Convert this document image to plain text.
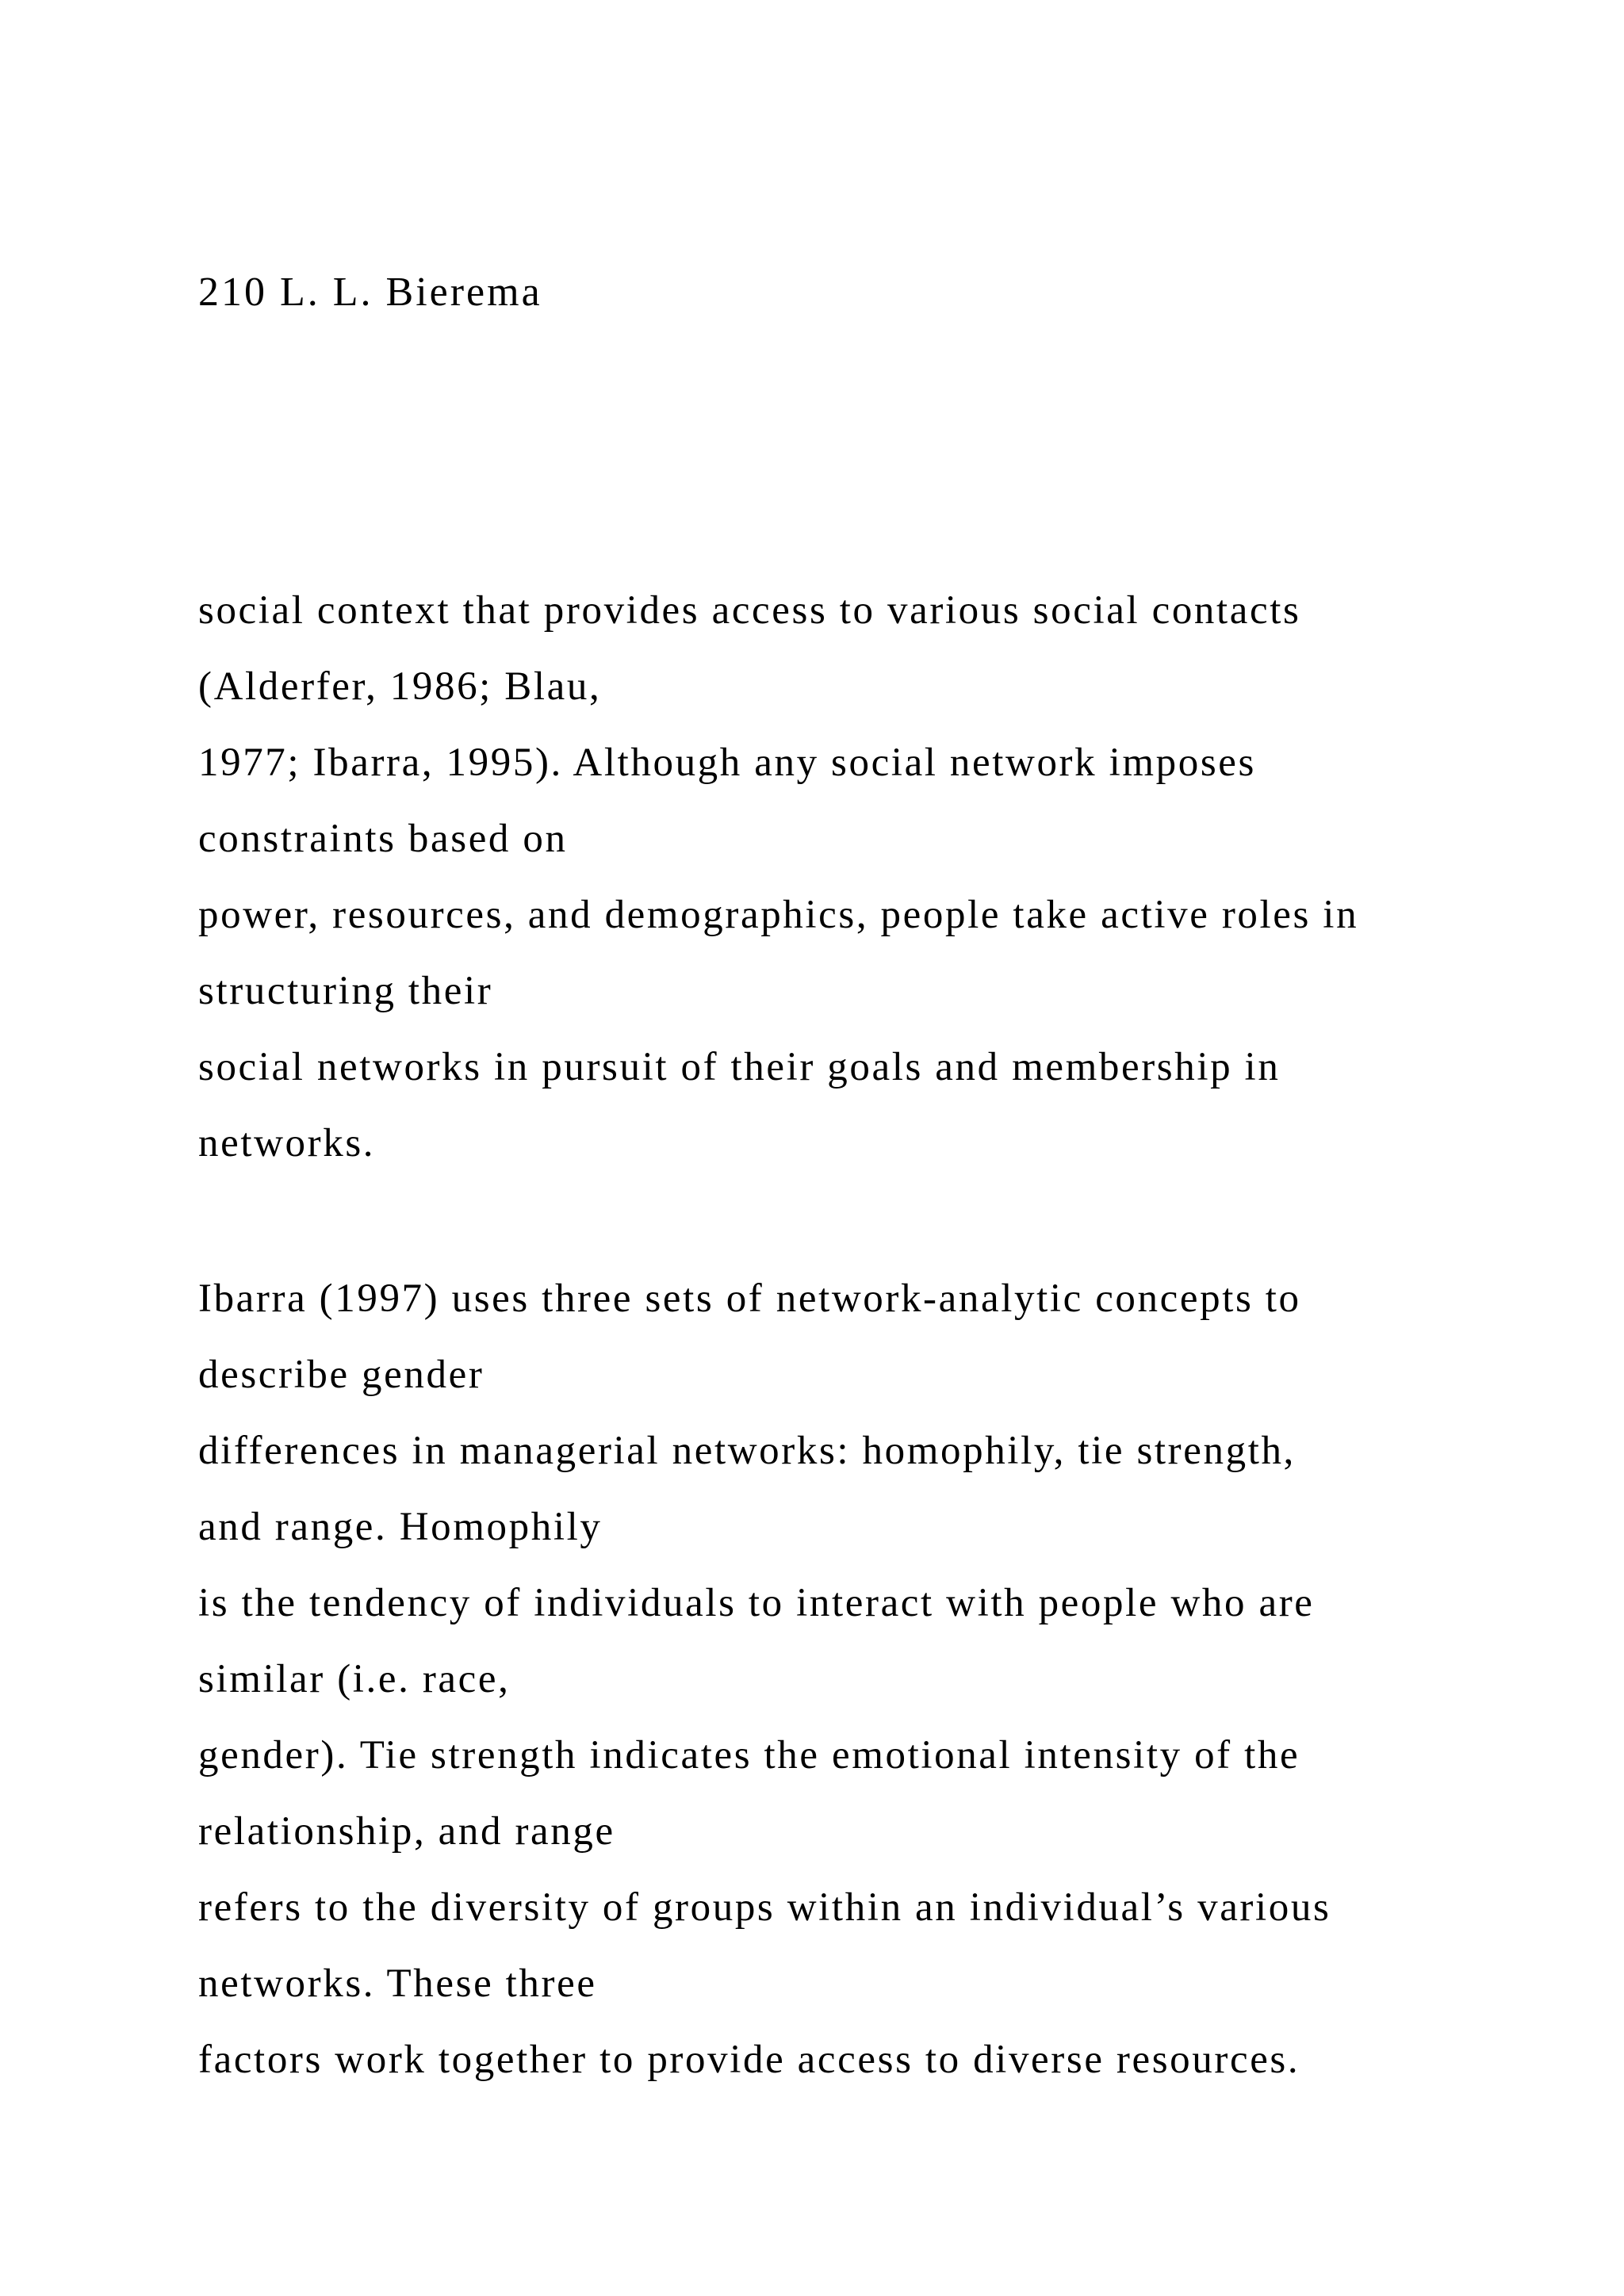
210 L. L. Bierema
social context that provides access to various social contacts
(Alderfer, 1986; Blau,
1977; Ibarra, 1995). Although any social network imposes
constraints based on
power, resources, and demographics, people take active roles in
structuring their
social networks in pursuit of their goals and membership in
networks.
Ibarra (1997) uses three sets of network-analytic concepts to
describe gender
differences in managerial networks: homophily, tie strength,
and range. Homophily
is the tendency of individuals to interact with people who are
similar (i.e. race,
gender). Tie strength indicates the emotional intensity of the
relationship, and range
refers to the diversity of groups within an individual’s various
networks. These three
factors work together to provide access to diverse resources.
